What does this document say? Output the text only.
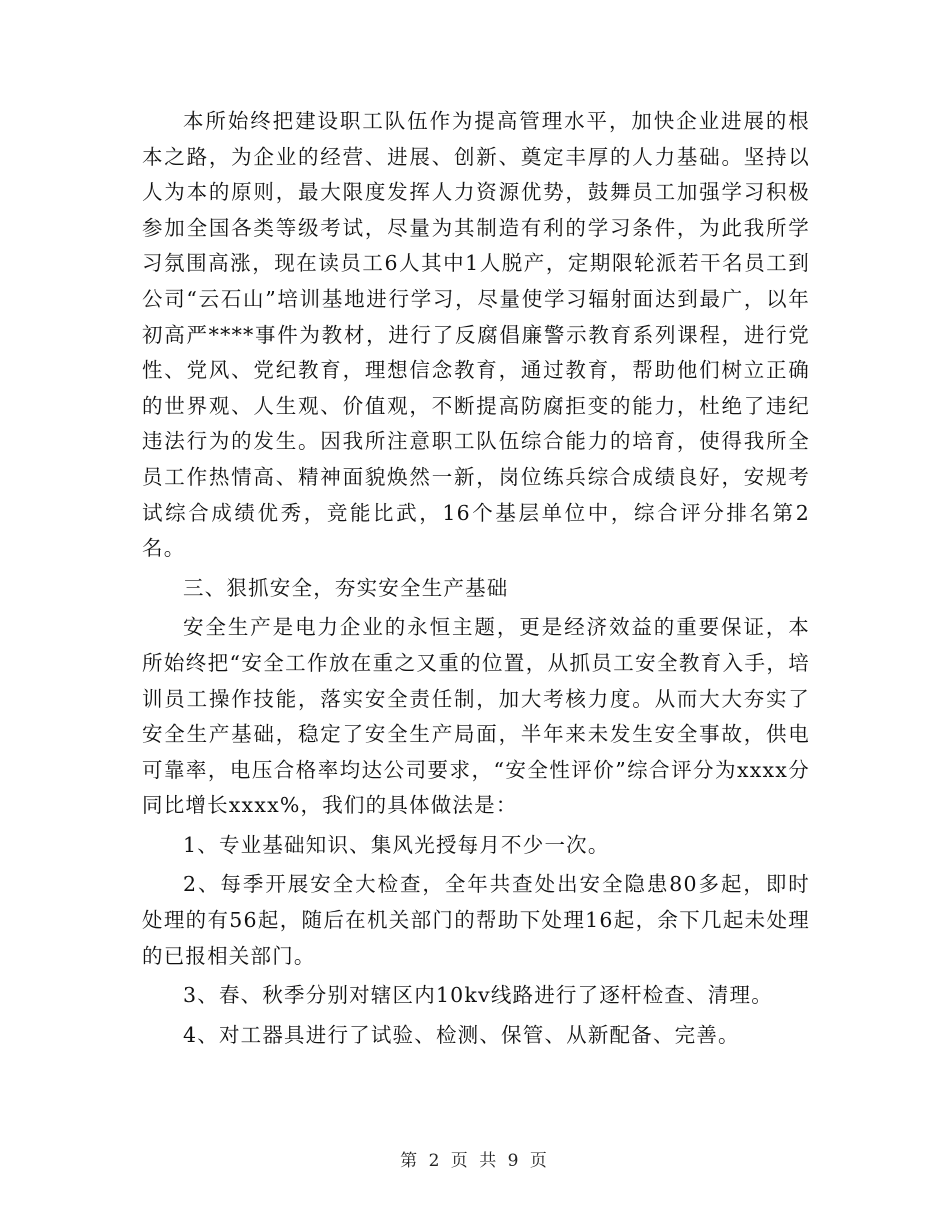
本所始终把建设职工队伍作为提高管理水平，加快企业进展的根本之路，为企业的经营、进展、创新、奠定丰厚的人力基础。坚持以人为本的原则，最大限度发挥人力资源优势，鼓舞员工加强学习积极参加全国各类等级考试，尽量为其制造有利的学习条件，为此我所学习氛围高涨，现在读员工6人其中1人脱产，定期限轮派若干名员工到公司“云石山”培训基地进行学习，尽量使学习辐射面达到最广，以年初高严****事件为教材，进行了反腐倡廉警示教育系列课程，进行党性、党风、党纪教育，理想信念教育，通过教育，帮助他们树立正确的世界观、人生观、价值观，不断提高防腐拒变的能力，杜绝了违纪违法行为的发生。因我所注意职工队伍综合能力的培育，使得我所全员工作热情高、精神面貌焕然一新，岗位练兵综合成绩良好，安规考试综合成绩优秀，竞能比武，16个基层单位中，综合评分排名第2名。

三、狠抓安全，夯实安全生产基础

安全生产是电力企业的永恒主题，更是经济效益的重要保证，本所始终把“安全工作放在重之又重的位置，从抓员工安全教育入手，培训员工操作技能，落实安全责任制，加大考核力度。从而大大夯实了安全生产基础，稳定了安全生产局面，半年来未发生安全事故，供电可靠率，电压合格率均达公司要求，“安全性评价”综合评分为xxxx分同比增长xxxx%，我们的具体做法是：

1、专业基础知识、集风光授每月不少一次。

2、每季开展安全大检查，全年共查处出安全隐患80多起，即时处理的有56起，随后在机关部门的帮助下处理16起，余下几起未处理的已报相关部门。

3、春、秋季分别对辖区内10kv线路进行了逐杆检查、清理。

4、对工器具进行了试验、检测、保管、从新配备、完善。

第 2 页 共 9 页
